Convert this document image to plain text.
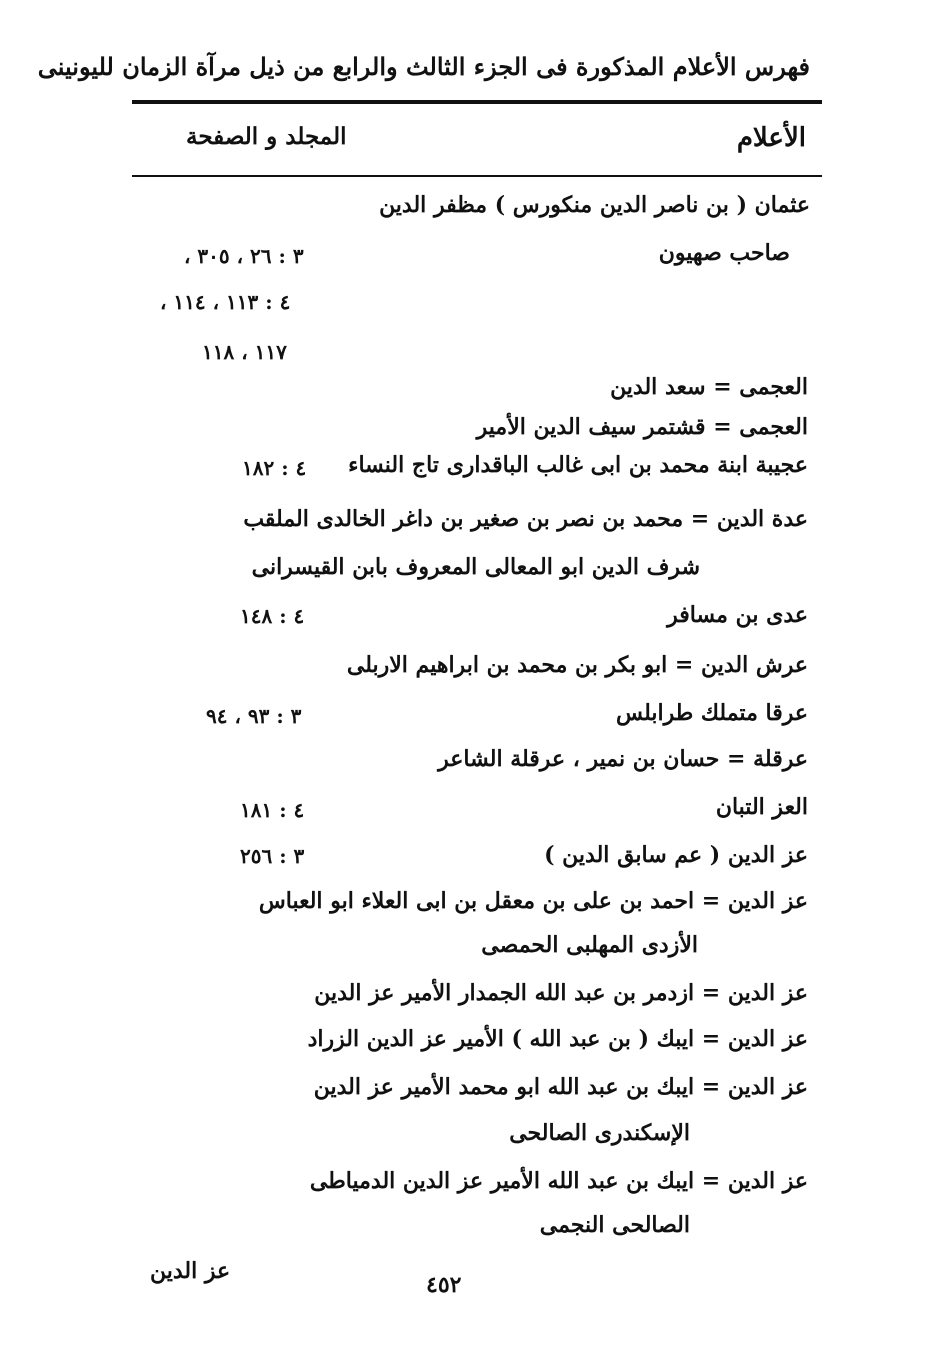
فهرس الأعلام المذكورة فى الجزء الثالث والرابع من ذيل مرآة الزمان لليونينى
الأعلام
المجلد و الصفحة
عثمان ( بن ناصر الدين منكورس ) مظفر الدين
صاحب صهيون
٣ : ٢٦ ، ٣٠٥ ،
٤ : ١١٣ ، ١١٤ ،
١١٧ ، ١١٨
العجمى = سعد الدين
العجمى = قشتمر سيف الدين الأمير
عجيبة ابنة محمد بن ابى غالب الباقدارى تاج النساء
٤ : ١٨٢
عدة الدين = محمد بن نصر بن صغير بن داغر الخالدى الملقب
شرف الدين ابو المعالى المعروف بابن القيسرانى
عدى بن مسافر
٤ : ١٤٨
عرش الدين = ابو بكر بن محمد بن ابراهيم الاربلى
عرقا متملك طرابلس
٣ : ٩٣ ، ٩٤
عرقلة = حسان بن نمير ، عرقلة الشاعر
العز التبان
٤ : ١٨١
عز الدين ( عم سابق الدين )
٣ : ٢٥٦
عز الدين = احمد بن على بن معقل بن ابى العلاء ابو العباس
الأزدى المهلبى الحمصى
عز الدين = ازدمر بن عبد الله الجمدار الأمير عز الدين
عز الدين = ايبك ( بن عبد الله ) الأمير عز الدين الزراد
عز الدين = ايبك بن عبد الله ابو محمد الأمير عز الدين
الإسكندرى الصالحى
عز الدين = ايبك بن عبد الله الأمير عز الدين الدمياطى
الصالحى النجمى
عز الدين
٤٥٢
